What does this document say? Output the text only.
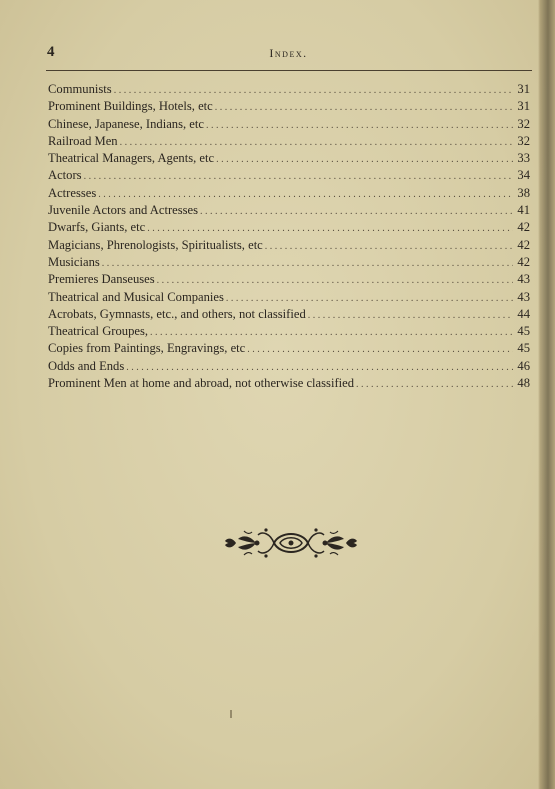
4	Index.
Communists . . .	31
Prominent Buildings, Hotels, etc . . .	31
Chinese, Japanese, Indians, etc . . .	32
Railroad Men . . .	32
Theatrical Managers, Agents, etc . . .	33
Actors . . .	34
Actresses . . .	38
Juvenile Actors and Actresses . . .	41
Dwarfs, Giants, etc . . .	42
Magicians, Phrenologists, Spiritualists, etc . . .	42
Musicians . . .	42
Premieres Danseuses . . .	43
Theatrical and Musical Companies . . .	43
Acrobats, Gymnasts, etc., and others, not classified . . .	44
Theatrical Groupes, . . .	45
Copies from Paintings, Engravings, etc . . .	45
Odds and Ends . . .	46
Prominent Men at home and abroad, not otherwise classified . . .	48
